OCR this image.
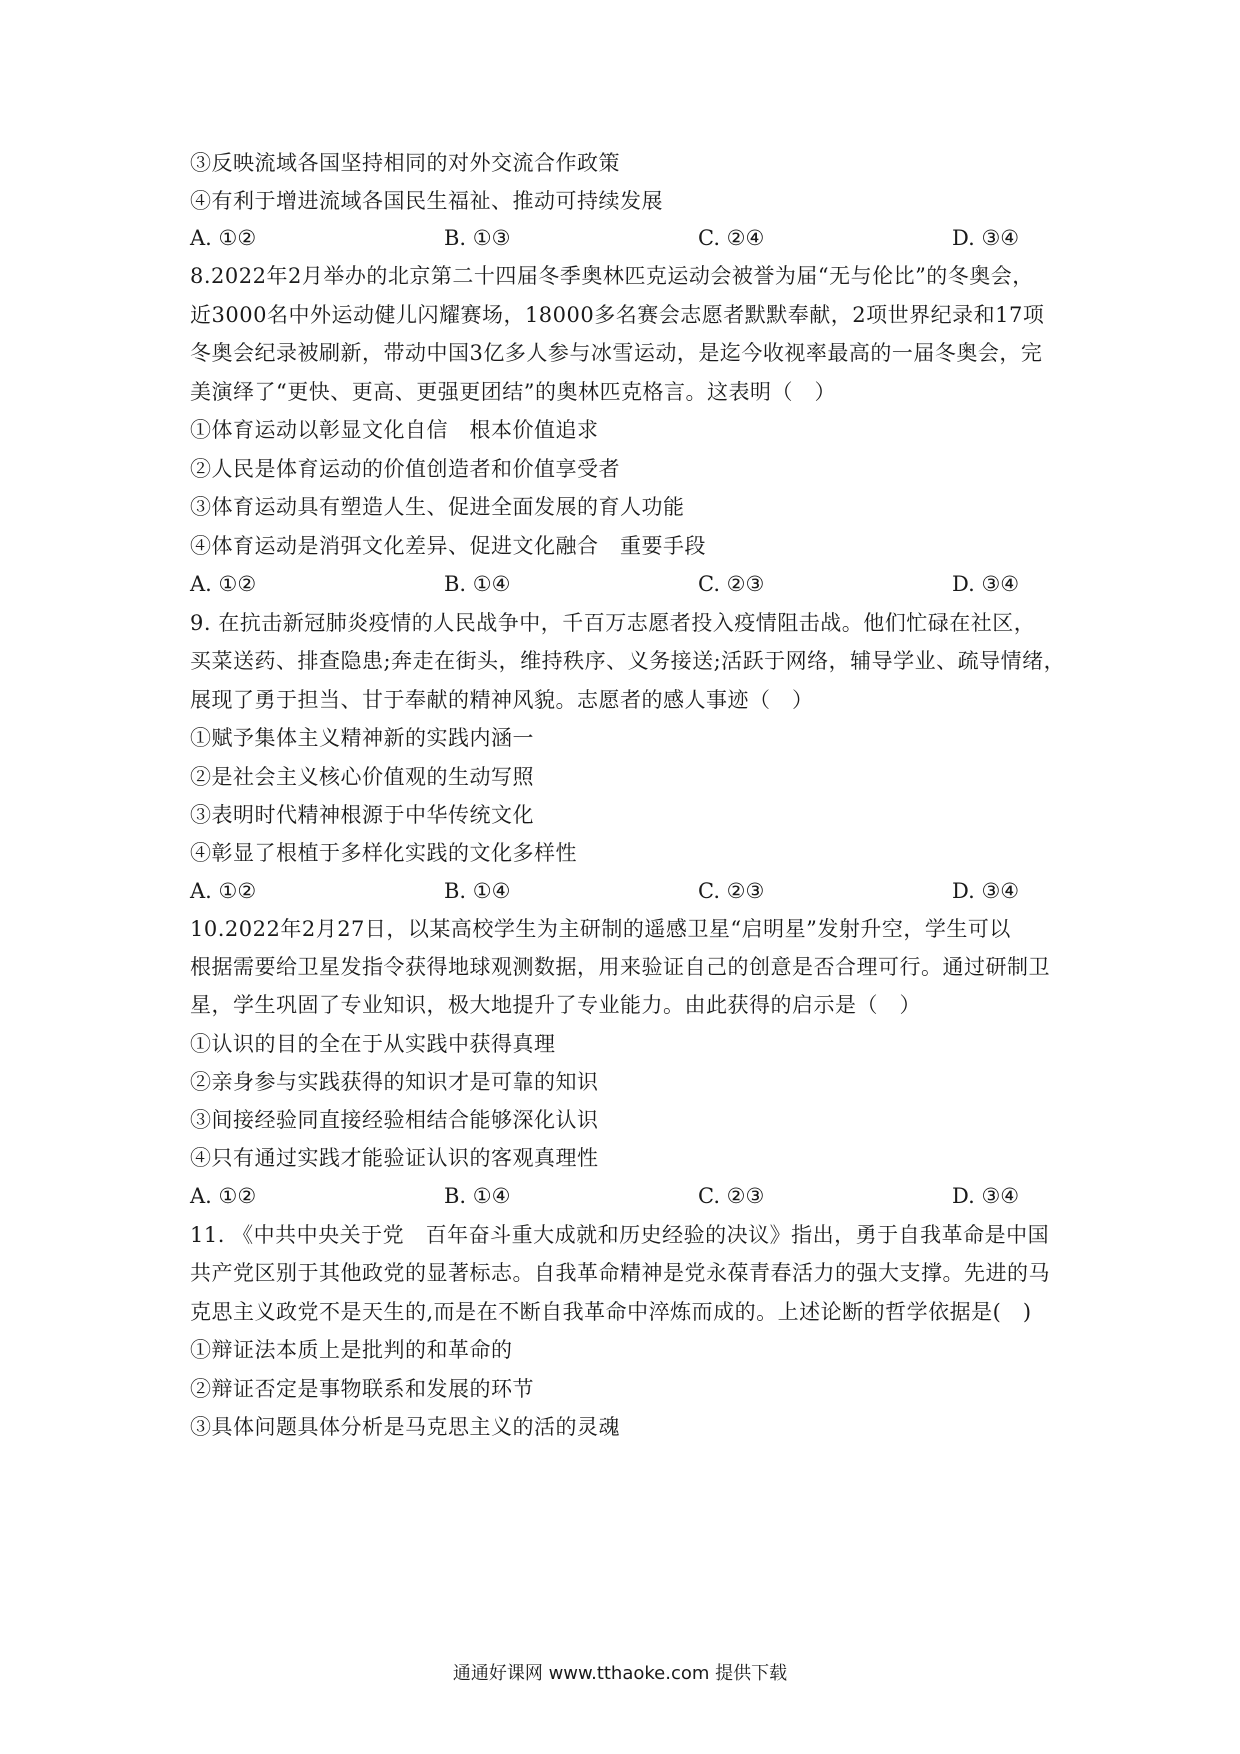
③反映流域各国坚持相同的对外交流合作政策
④有利于增进流域各国民生福祉、推动可持续发展
A. ①②	B. ①③	C. ②④	D. ③④
8.2022年2月举办的北京第二十四届冬季奥林匹克运动会被誉为届“无与伦比”的冬奥会，
近3000名中外运动健儿闪耀赛场，18000多名赛会志愿者默默奉献，2项世界纪录和17项
冬奥会纪录被刷新，带动中国3亿多人参与冰雪运动，是迄今收视率最高的一届冬奥会，完
美演绎了“更快、更高、更强更团结”的奥林匹克格言。这表明（　）
①体育运动以彰显文化自信　根本价值追求
②人民是体育运动的价值创造者和价值享受者
③体育运动具有塑造人生、促进全面发展的育人功能
④体育运动是消弭文化差异、促进文化融合　重要手段
A. ①②	B. ①④	C. ②③	D. ③④
9. 在抗击新冠肺炎疫情的人民战争中，千百万志愿者投入疫情阻击战。他们忙碌在社区，
买菜送药、排查隐患;奔走在街头，维持秩序、义务接送;活跃于网络，辅导学业、疏导情绪，
展现了勇于担当、甘于奉献的精神风貌。志愿者的感人事迹（　）
①赋予集体主义精神新的实践内涵一
②是社会主义核心价值观的生动写照
③表明时代精神根源于中华传统文化
④彰显了根植于多样化实践的文化多样性
A. ①②	B. ①④	C. ②③	D. ③④
10.2022年2月27日，以某高校学生为主研制的遥感卫星“启明星”发射升空，学生可以
根据需要给卫星发指令获得地球观测数据，用来验证自己的创意是否合理可行。通过研制卫
星，学生巩固了专业知识，极大地提升了专业能力。由此获得的启示是（　）
①认识的目的全在于从实践中获得真理
②亲身参与实践获得的知识才是可靠的知识
③间接经验同直接经验相结合能够深化认识
④只有通过实践才能验证认识的客观真理性
A. ①②	B. ①④	C. ②③	D. ③④
11. 《中共中央关于党　百年奋斗重大成就和历史经验的决议》指出，勇于自我革命是中国
共产党区别于其他政党的显著标志。自我革命精神是党永葆青春活力的强大支撑。先进的马
克思主义政党不是天生的,而是在不断自我革命中淬炼而成的。上述论断的哲学依据是(　)
①辩证法本质上是批判的和革命的
②辩证否定是事物联系和发展的环节
③具体问题具体分析是马克思主义的活的灵魂
通通好课网 www.tthaoke.com 提供下载
